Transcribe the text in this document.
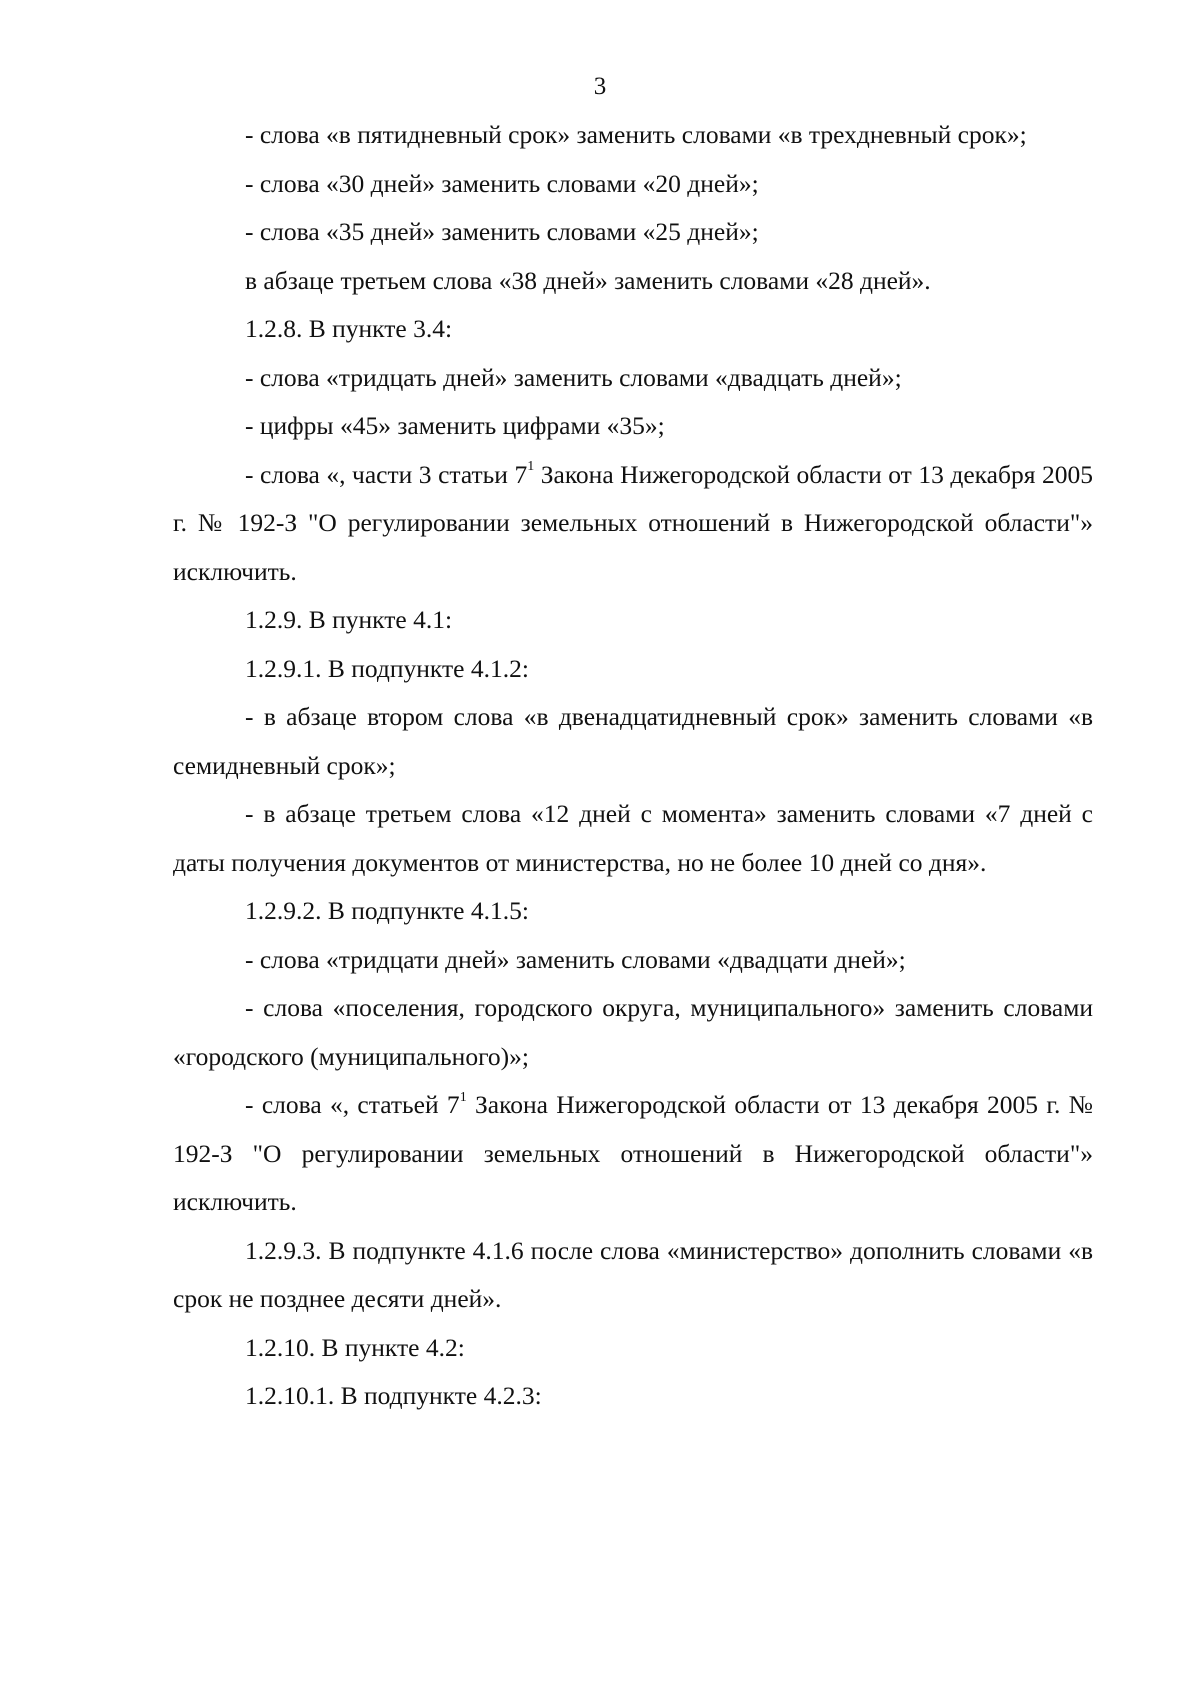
3

- слова «в пятидневный срок» заменить словами «в трехдневный срок»;

- слова «30 дней» заменить словами «20 дней»;

- слова «35 дней» заменить словами «25 дней»;

в абзаце третьем слова «38 дней» заменить словами «28 дней».

1.2.8. В пункте 3.4:

- слова «тридцать дней» заменить словами «двадцать дней»;

- цифры «45» заменить цифрами «35»;

- слова «, части 3 статьи $7^1$ Закона Нижегородской области от 13 декабря 2005 г. № 192-З "О регулировании земельных отношений в Нижегородской области"» исключить.

1.2.9. В пункте 4.1:

1.2.9.1. В подпункте 4.1.2:

- в абзаце втором слова «в двенадцатидневный срок» заменить словами «в семидневный срок»;

- в абзаце третьем слова «12 дней с момента» заменить словами «7 дней с даты получения документов от министерства, но не более 10 дней со дня».

1.2.9.2. В подпункте 4.1.5:

- слова «тридцати дней» заменить словами «двадцати дней»;

- слова «поселения, городского округа, муниципального» заменить словами «городского (муниципального)»;

- слова «, статьей $7^1$ Закона Нижегородской области от 13 декабря 2005 г. № 192-З "О регулировании земельных отношений в Нижегородской области"» исключить.

1.2.9.3. В подпункте 4.1.6 после слова «министерство» дополнить словами «в срок не позднее десяти дней».

1.2.10. В пункте 4.2:

1.2.10.1. В подпункте 4.2.3:
